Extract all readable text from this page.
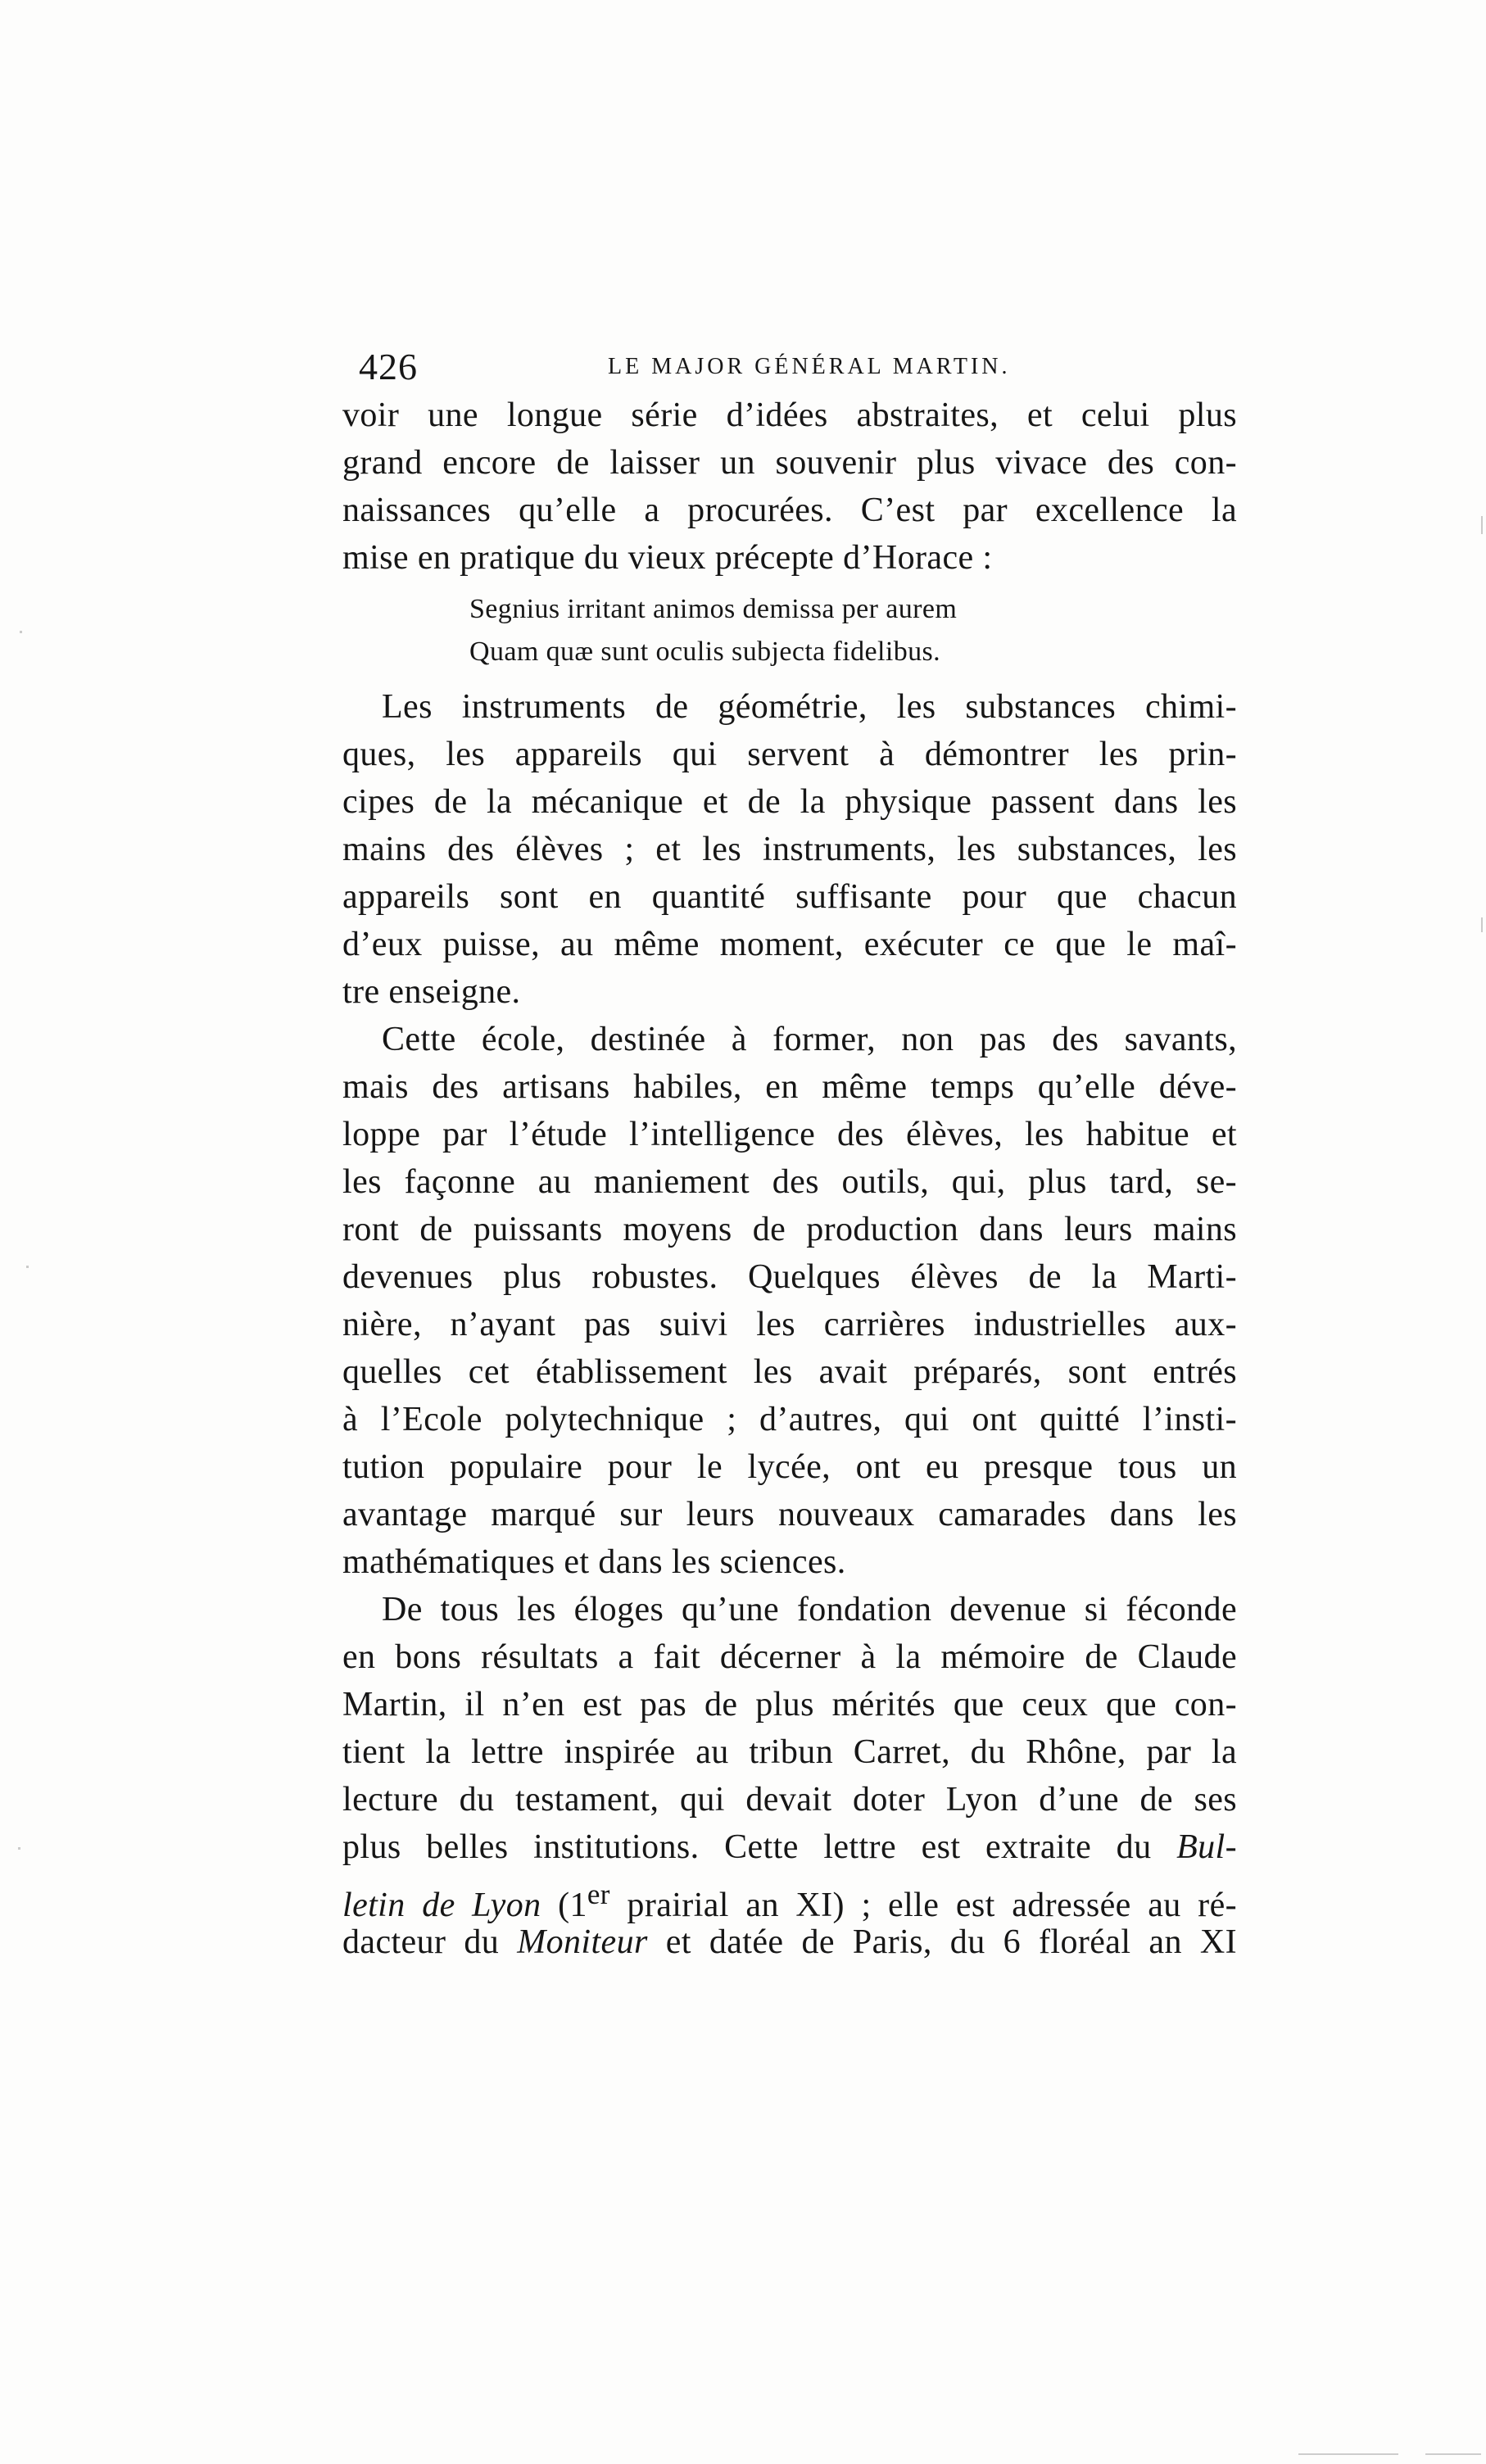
426	LE MAJOR GÉNÉRAL MARTIN.
voir une longue série d’idées abstraites, et celui plus
grand encore de laisser un souvenir plus vivace des con-
naissances qu’elle a procurées. C’est par excellence la
mise en pratique du vieux précepte d’Horace :
Segnius irritant animos demissa per aurem
Quam quæ sunt oculis subjecta fidelibus.
Les instruments de géométrie, les substances chimi-
ques, les appareils qui servent à démontrer les prin-
cipes de la mécanique et de la physique passent dans les
mains des élèves ; et les instruments, les substances, les
appareils sont en quantité suffisante pour que chacun
d’eux puisse, au même moment, exécuter ce que le maî-
tre enseigne.
Cette école, destinée à former, non pas des savants,
mais des artisans habiles, en même temps qu’elle déve-
loppe par l’étude l’intelligence des élèves, les habitue et
les façonne au maniement des outils, qui, plus tard, se-
ront de puissants moyens de production dans leurs mains
devenues plus robustes. Quelques élèves de la Marti-
nière, n’ayant pas suivi les carrières industrielles aux-
quelles cet établissement les avait préparés, sont entrés
à l’Ecole polytechnique ; d’autres, qui ont quitté l’insti-
tution populaire pour le lycée, ont eu presque tous un
avantage marqué sur leurs nouveaux camarades dans les
mathématiques et dans les sciences.
De tous les éloges qu’une fondation devenue si féconde
en bons résultats a fait décerner à la mémoire de Claude
Martin, il n’en est pas de plus mérités que ceux que con-
tient la lettre inspirée au tribun Carret, du Rhône, par la
lecture du testament, qui devait doter Lyon d’une de ses
plus belles institutions. Cette lettre est extraite du Bul-
letin de Lyon (1er prairial an XI) ; elle est adressée au ré-
dacteur du Moniteur et datée de Paris, du 6 floréal an XI
